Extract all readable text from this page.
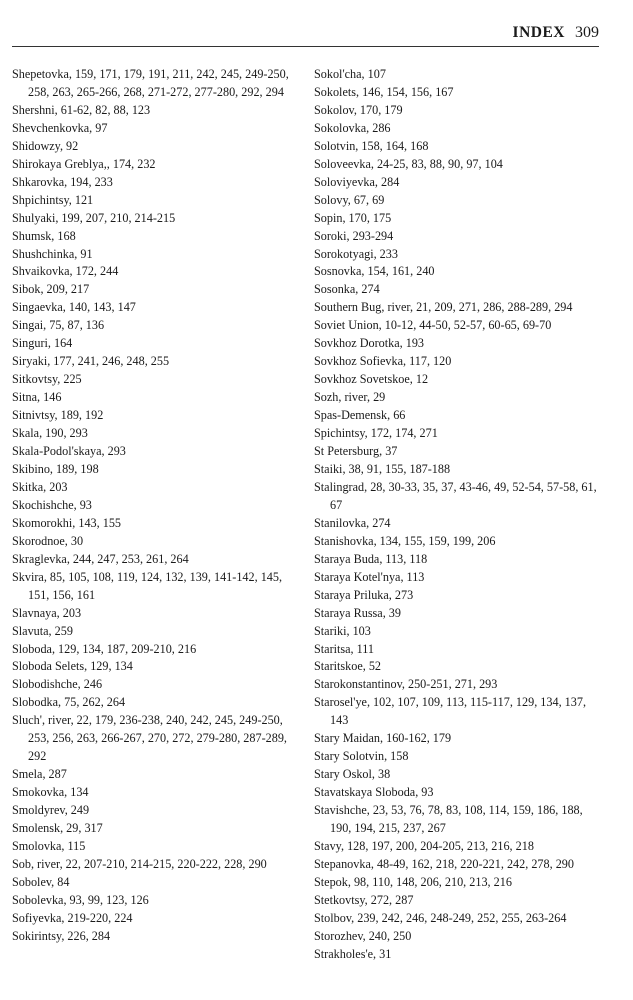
INDEX 309
Shepetovka, 159, 171, 179, 191, 211, 242, 245, 249-250, 258, 263, 265-266, 268, 271-272, 277-280, 292, 294
Shershni, 61-62, 82, 88, 123
Shevchenkovka, 97
Shidowzy, 92
Shirokaya Greblya,, 174, 232
Shkarovka, 194, 233
Shpichintsy, 121
Shulyaki, 199, 207, 210, 214-215
Shumsk, 168
Shushchinka, 91
Shvaikovka, 172, 244
Sibok, 209, 217
Singaevka, 140, 143, 147
Singai, 75, 87, 136
Singuri, 164
Siryaki, 177, 241, 246, 248, 255
Sitkovtsy, 225
Sitna, 146
Sitnivtsy, 189, 192
Skala, 190, 293
Skala-Podol'skaya, 293
Skibino, 189, 198
Skitka, 203
Skochishche, 93
Skomorokhi, 143, 155
Skorodnoe, 30
Skraglevka, 244, 247, 253, 261, 264
Skvira, 85, 105, 108, 119, 124, 132, 139, 141-142, 145, 151, 156, 161
Slavnaya, 203
Slavuta, 259
Sloboda, 129, 134, 187, 209-210, 216
Sloboda Selets, 129, 134
Slobodishche, 246
Slobodka, 75, 262, 264
Sluch', river, 22, 179, 236-238, 240, 242, 245, 249-250, 253, 256, 263, 266-267, 270, 272, 279-280, 287-289, 292
Smela, 287
Smokovka, 134
Smoldyrev, 249
Smolensk, 29, 317
Smolovka, 115
Sob, river, 22, 207-210, 214-215, 220-222, 228, 290
Sobolev, 84
Sobolevka, 93, 99, 123, 126
Sofiyevka, 219-220, 224
Sokirintsy, 226, 284
Sokol'cha, 107
Sokolets, 146, 154, 156, 167
Sokolov, 170, 179
Sokolovka, 286
Solotvin, 158, 164, 168
Soloveevka, 24-25, 83, 88, 90, 97, 104
Soloviyevka, 284
Solovy, 67, 69
Sopin, 170, 175
Soroki, 293-294
Sorokotyagi, 233
Sosnovka, 154, 161, 240
Sosonka, 274
Southern Bug, river, 21, 209, 271, 286, 288-289, 294
Soviet Union, 10-12, 44-50, 52-57, 60-65, 69-70
Sovkhoz Dorotka, 193
Sovkhoz Sofievka, 117, 120
Sovkhoz Sovetskoe, 12
Sozh, river, 29
Spas-Demensk, 66
Spichintsy, 172, 174, 271
St Petersburg, 37
Staiki, 38, 91, 155, 187-188
Stalingrad, 28, 30-33, 35, 37, 43-46, 49, 52-54, 57-58, 61, 67
Stanilovka, 274
Stanishovka, 134, 155, 159, 199, 206
Staraya Buda, 113, 118
Staraya Kotel'nya, 113
Staraya Priluka, 273
Staraya Russa, 39
Stariki, 103
Staritsa, 111
Staritskoe, 52
Starokonstantinov, 250-251, 271, 293
Starosel'ye, 102, 107, 109, 113, 115-117, 129, 134, 137, 143
Stary Maidan, 160-162, 179
Stary Solotvin, 158
Stary Oskol, 38
Stavatskaya Sloboda, 93
Stavishche, 23, 53, 76, 78, 83, 108, 114, 159, 186, 188, 190, 194, 215, 237, 267
Stavy, 128, 197, 200, 204-205, 213, 216, 218
Stepanovka, 48-49, 162, 218, 220-221, 242, 278, 290
Stepok, 98, 110, 148, 206, 210, 213, 216
Stetkovtsy, 272, 287
Stolbov, 239, 242, 246, 248-249, 252, 255, 263-264
Storozhev, 240, 250
Strakholes'e, 31
